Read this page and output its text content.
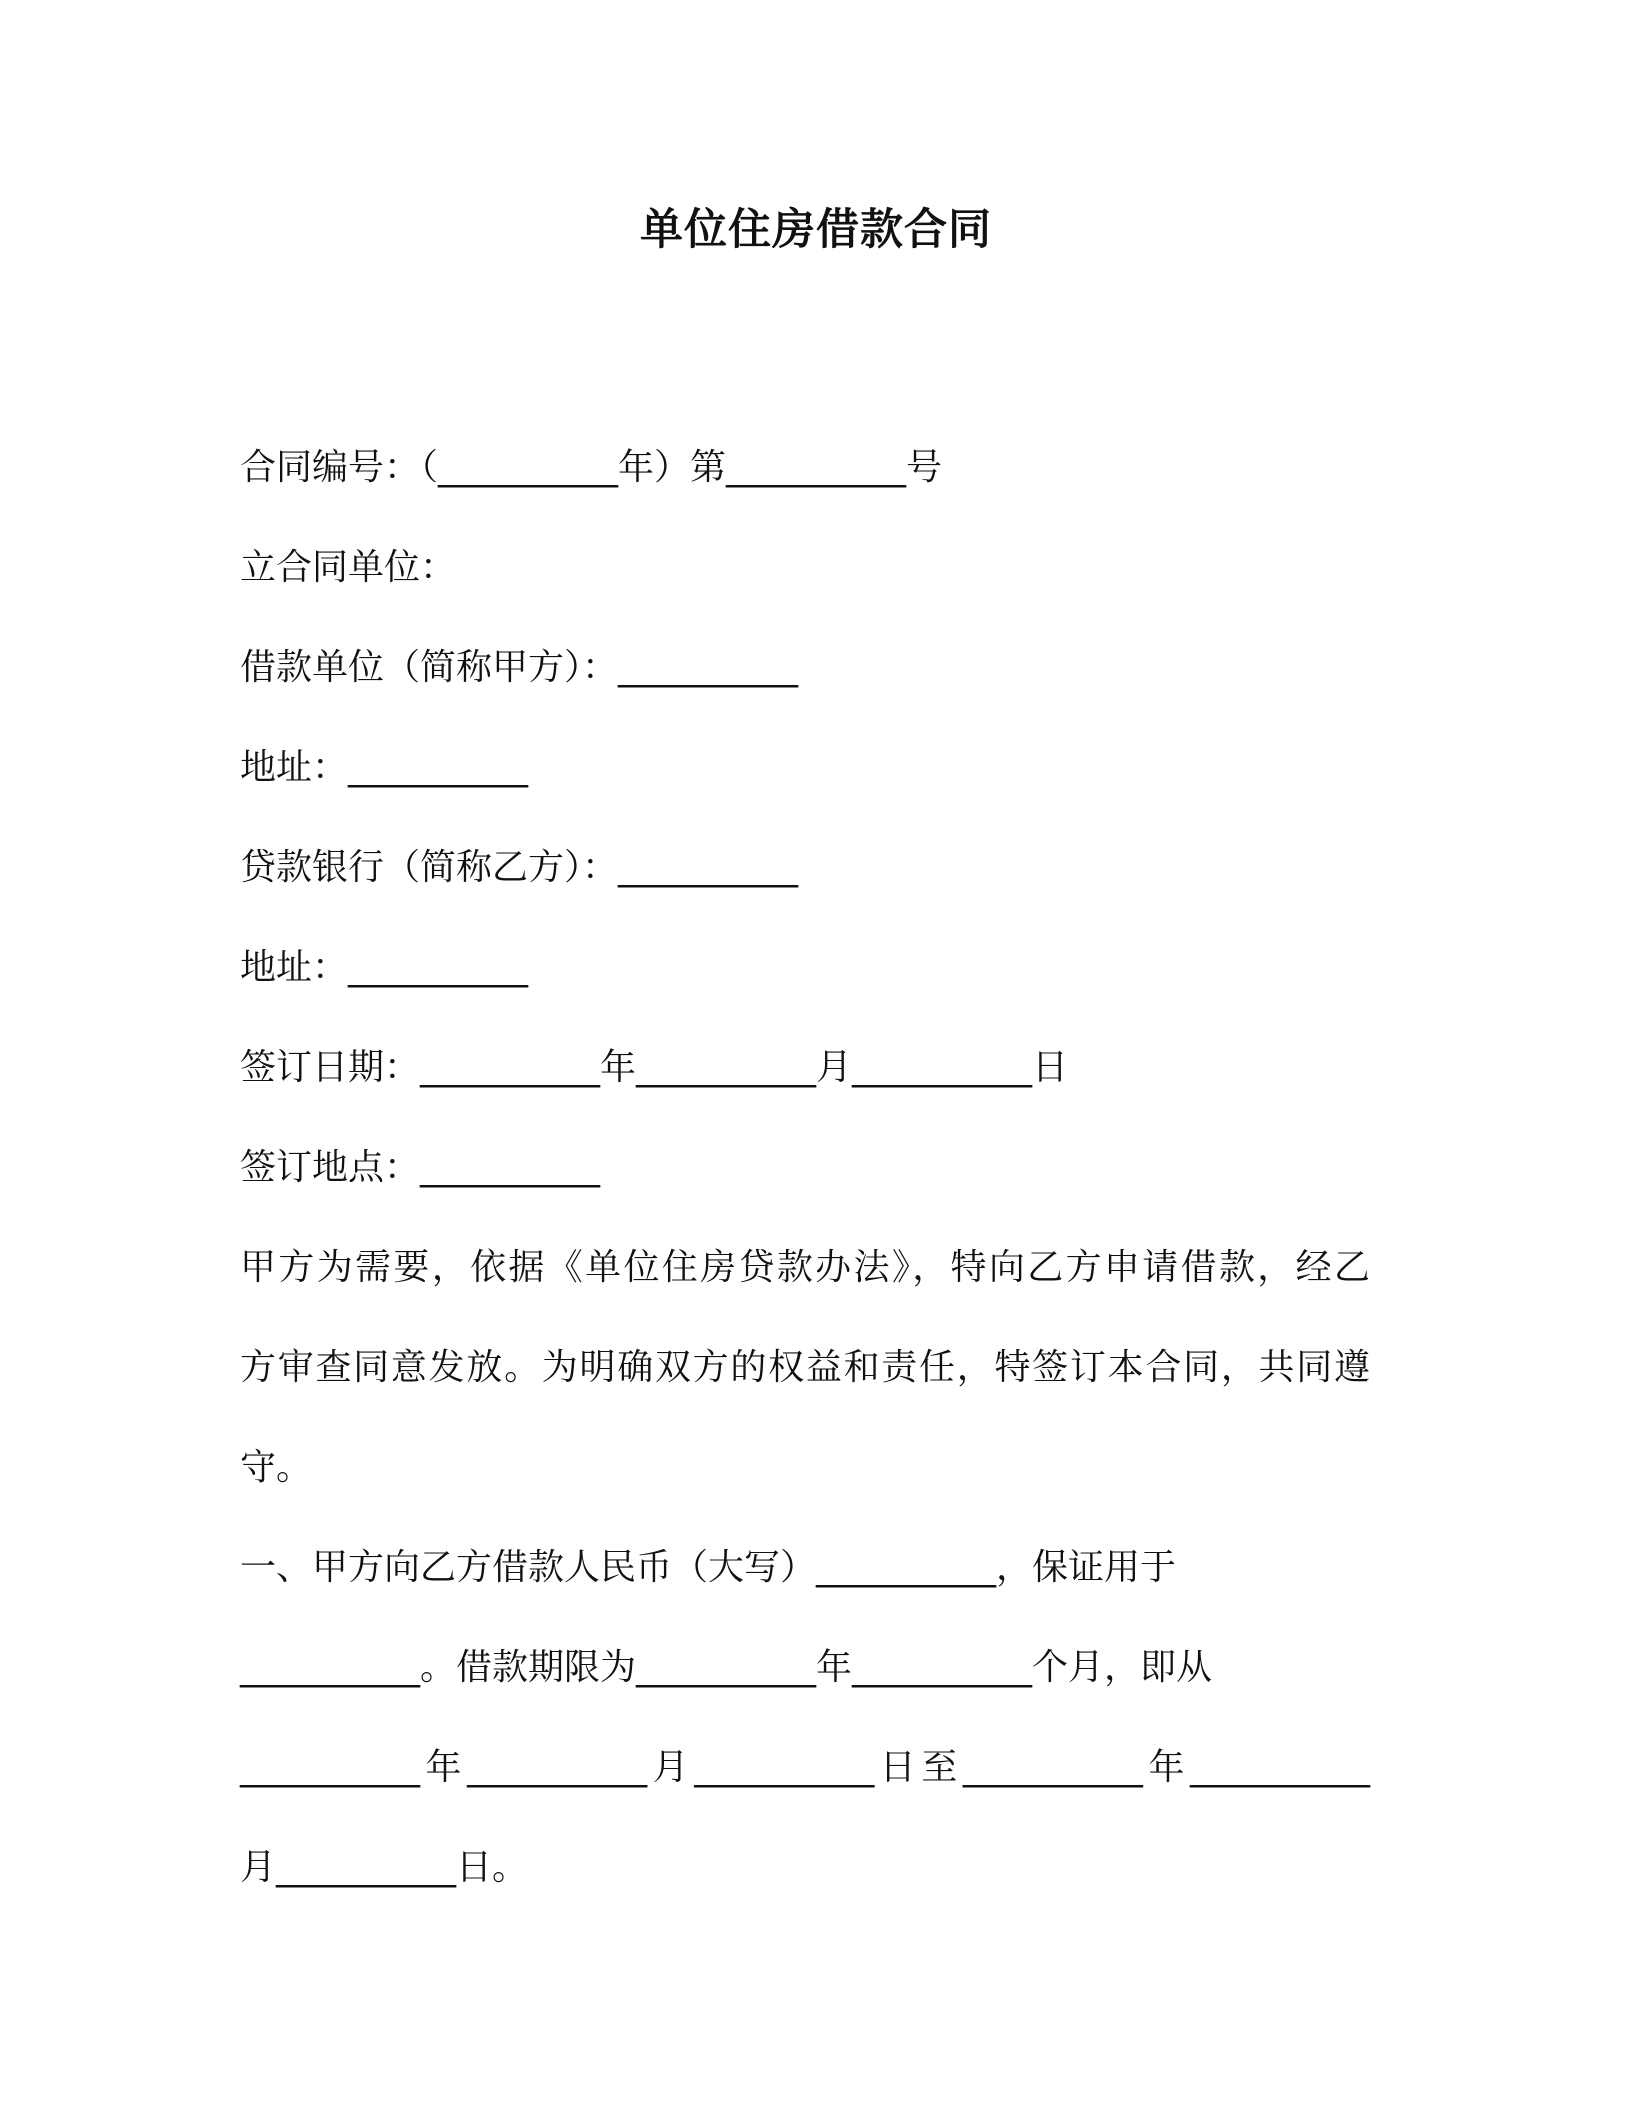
单位住房借款合同

合同编号：（__________年）第__________号

立合同单位：

借款单位（简称甲方）：__________

地址：__________

贷款银行（简称乙方）：__________

地址：__________

签订日期：__________年__________月__________日

签订地点：__________

甲方为需要，依据《单位住房贷款办法》，特向乙方申请借款，经乙

方审查同意发放。为明确双方的权益和责任，特签订本合同，共同遵

守。

一、甲方向乙方借款人民币（大写）__________，保证用于

__________。借款期限为__________年__________个月，即从

__________年__________月__________日至__________年__________

月__________日。
